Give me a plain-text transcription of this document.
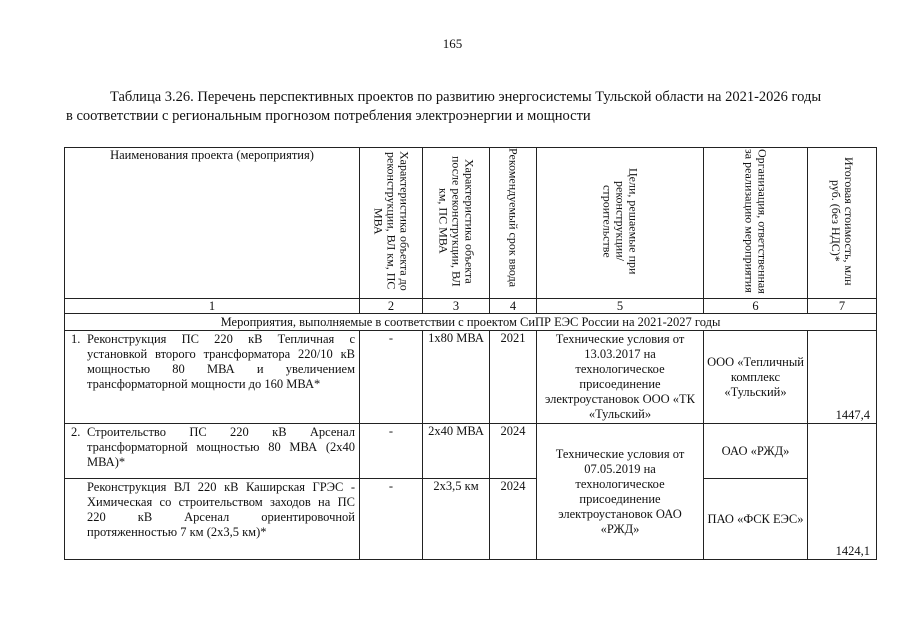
165
Таблица 3.26. Перечень перспективных проектов по развитию энергосистемы Тульской области на 2021-2026 годы
в соответствии с региональным прогнозом потребления электроэнергии и мощности
Наименования проекта (мероприятия)	Характеристика объекта до реконструкции, ВЛ км, ПС МВА	Характеристика объекта после реконструкции, ВЛ км, ПС МВА	Рекомендуемый срок ввода	Цели, решаемые при реконструкции/строительстве	Организация, ответственная за реализацию мероприятия	Итоговая стоимость, млн руб. (без НДС)*
1	2	3	4	5	6	7
Мероприятия, выполняемые в соответствии с проектом СиПР ЕЭС России на 2021-2027 годы						

1. Реконструкция ПС 220 кВ Тепличная с установкой второго трансформатора 220/10 кВ мощностью 80 МВА и увеличением трансформаторной мощности до 160 МВА*	-	1х80 МВА	2021	Технические условия от 13.03.2017 на технологическое присоединение электроустановок ООО «ТК «Тульский»	ООО «Тепличный комплекс «Тульский»	1447,4

2. Строительство ПС 220 кВ Арсенал трансформаторной мощностью 80 МВА (2х40 МВА)*	-	2х40 МВА	2024	Технические условия от 07.05.2019 на технологическое присоединение электроустановок ОАО «РЖД»	ОАО «РЖД»	1424,1
Реконструкция ВЛ 220 кВ Каширская ГРЭС - Химическая со строительством заходов на ПС 220 кВ Арсенал ориентировочной протяженностью 7 км (2х3,5 км)*	-	2х3,5 км	2024		ПАО «ФСК ЕЭС»	
